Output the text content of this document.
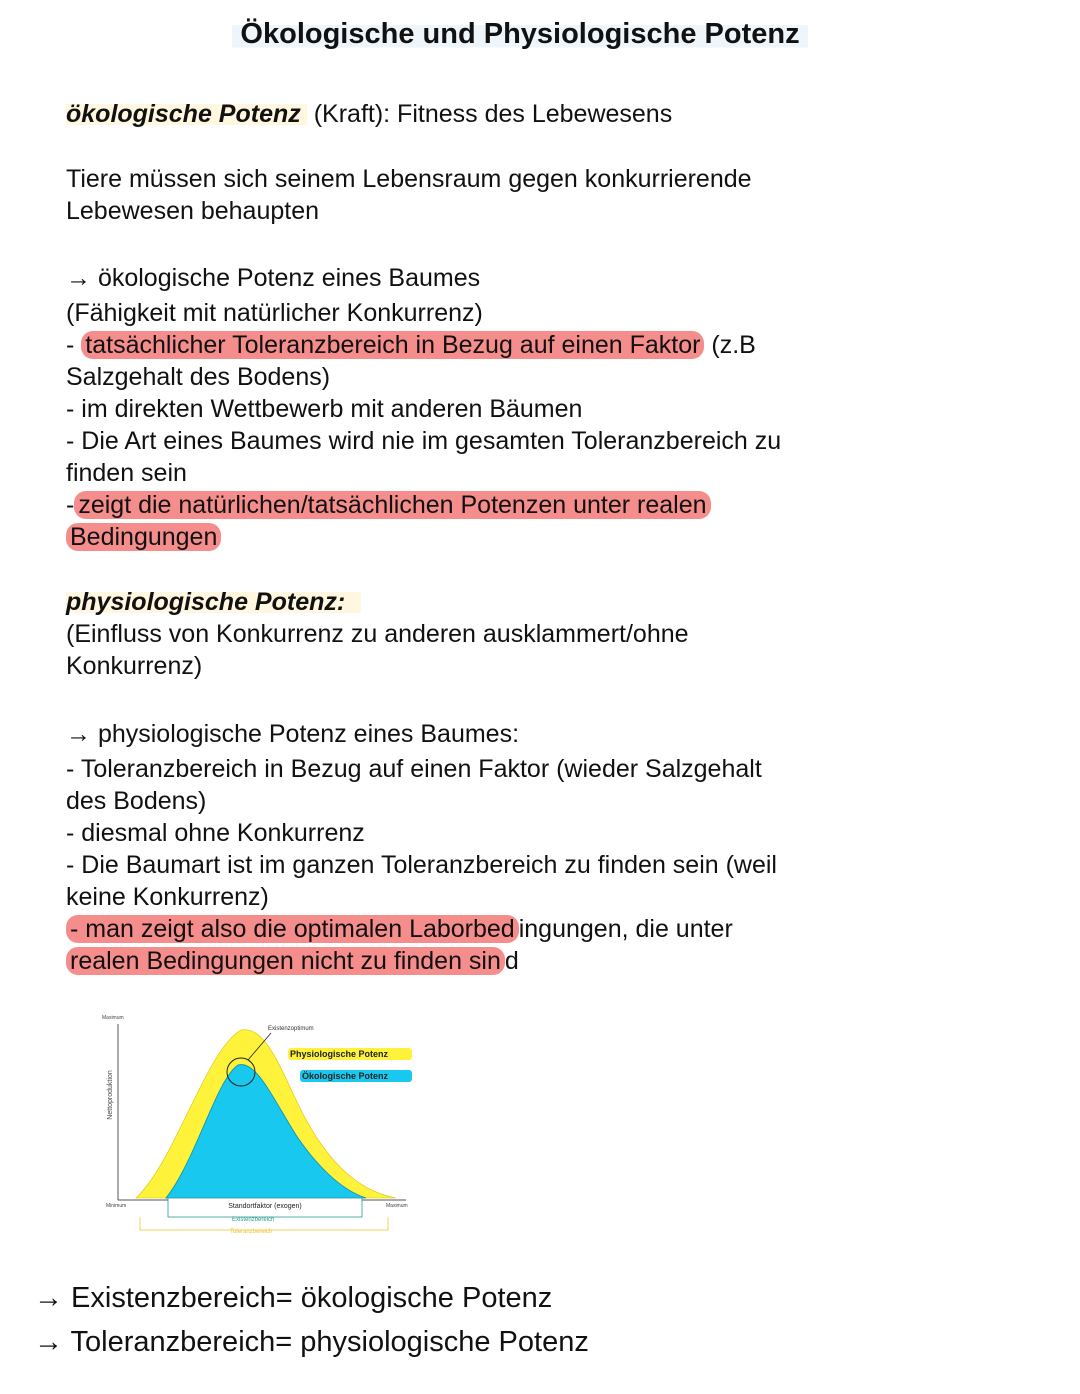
Ökologische und Physiologische Potenz

ökologische Potenz (Kraft): Fitness des Lebewesens

Tiere müssen sich seinem Lebensraum gegen konkurrierende

Lebewesen behaupten

→ ökologische Potenz eines Baumes

(Fähigkeit mit natürlicher Konkurrenz)

- tatsächlicher Toleranzbereich in Bezug auf einen Faktor (z.B

Salzgehalt des Bodens)

- im direkten Wettbewerb mit anderen Bäumen

- Die Art eines Baumes wird nie im gesamten Toleranzbereich zu

finden sein

- zeigt die natürlichen/tatsächlichen Potenzen unter realen

Bedingungen

physiologische Potenz:

(Einfluss von Konkurrenz zu anderen ausklammert/ohne

Konkurrenz)

→ physiologische Potenz eines Baumes:

- Toleranzbereich in Bezug auf einen Faktor (wieder Salzgehalt

des Bodens)

- diesmal ohne Konkurrenz

- Die Baumart ist im ganzen Toleranzbereich zu finden sein (weil

keine Konkurrenz)

- man zeigt also die optimalen Laborbed ingungen, die unter

realen Bedingungen nicht zu finden sin d

Maximum
Minimum	Maximum
Nettoproduktion
Existenzoptimum
Physiologische Potenz
Ökologische Potenz
Standortfaktor (exogen)
Existenzbereich
Toleranzbereich

→ Existenzbereich= ökologische Potenz

→ Toleranzbereich= physiologische Potenz
